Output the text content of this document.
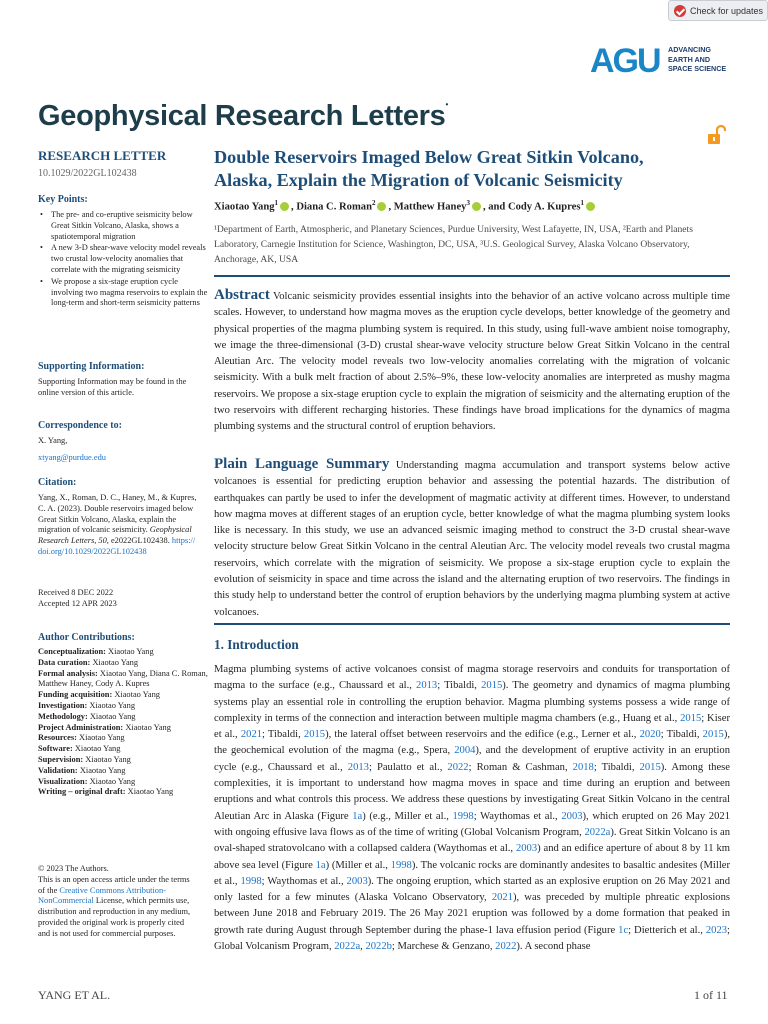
Check for updates
AGU ADVANCING
EARTH AND
SPACE SCIENCE
Geophysical Research Letters•
RESEARCH LETTER
10.1029/2022GL102438
Key Points:
• The pre- and co-eruptive seismicity below Great Sitkin Volcano, Alaska, shows a spatiotemporal migration
• A new 3-D shear-wave velocity model reveals two crustal low-velocity anomalies that correlate with the migrating seismicity
• We propose a six-stage eruption cycle involving two magma reservoirs to explain the long-term and short-term seismicity patterns
Supporting Information:
Supporting Information may be found in the online version of this article.
Correspondence to:
X. Yang,
xtyang@purdue.edu
Citation:
Yang, X., Roman, D. C., Haney, M., & Kupres, C. A. (2023). Double reservoirs imaged below Great Sitkin Volcano, Alaska, explain the migration of volcanic seismicity. Geophysical Research Letters, 50, e2022GL102438. https://doi.org/10.1029/2022GL102438
Received 8 DEC 2022
Accepted 12 APR 2023
Author Contributions:
Conceptualization: Xiaotao Yang
Data curation: Xiaotao Yang
Formal analysis: Xiaotao Yang, Diana C. Roman, Matthew Haney, Cody A. Kupres
Funding acquisition: Xiaotao Yang
Investigation: Xiaotao Yang
Methodology: Xiaotao Yang
Project Administration: Xiaotao Yang
Resources: Xiaotao Yang
Software: Xiaotao Yang
Supervision: Xiaotao Yang
Validation: Xiaotao Yang
Visualization: Xiaotao Yang
Writing – original draft: Xiaotao Yang
© 2023 The Authors.
This is an open access article under the terms of the Creative Commons Attribution-NonCommercial License, which permits use, distribution and reproduction in any medium, provided the original work is properly cited and is not used for commercial purposes.
Double Reservoirs Imaged Below Great Sitkin Volcano,
Alaska, Explain the Migration of Volcanic Seismicity
Xiaotao Yang$^1$ , Diana C. Roman$^2$ , Matthew Haney$^3$ , and Cody A. Kupres$^1$
¹Department of Earth, Atmospheric, and Planetary Sciences, Purdue University, West Lafayette, IN, USA, ²Earth and Planets Laboratory, Carnegie Institution for Science, Washington, DC, USA, ³U.S. Geological Survey, Alaska Volcano Observatory, Anchorage, AK, USA
Abstract Volcanic seismicity provides essential insights into the behavior of an active volcano across multiple time scales. However, to understand how magma moves as the eruption cycle develops, better knowledge of the geometry and physical properties of the magma plumbing system is required. In this study, using full-wave ambient noise tomography, we image the three-dimensional (3-D) crustal shear-wave velocity structure below Great Sitkin Volcano in the central Aleutian Arc. The velocity model reveals two low-velocity anomalies correlating with the migration of volcanic seismicity. With a bulk melt fraction of about 2.5%–9%, these low-velocity anomalies are interpreted as mushy magma reservoirs. We propose a six-stage eruption cycle to explain the migration of seismicity and the alternating eruption of the two reservoirs with different recharging histories. These findings have broad implications for the dynamics of magma plumbing systems and the structural control of eruption behaviors.
Plain Language Summary Understanding magma accumulation and transport systems below active volcanoes is essential for predicting eruption behavior and assessing the potential hazards. The distribution of earthquakes can partly be used to infer the development of magmatic activity at different times. However, to understand how magma moves at different stages of an eruption cycle, better knowledge of what the magma plumbing system looks like is necessary. In this study, we use an advanced seismic imaging method to construct the 3-D crustal shear-wave velocity structure below Great Sitkin Volcano in the central Aleutian Arc. The velocity model reveals two crustal magma reservoirs, which correlate with the migration of seismicity. We propose a six-stage eruption cycle to explain the evolution of seismicity in space and time across the island and the alternating eruption of two reservoirs. The findings in this study help to understand better the control of eruption behaviors by the underlying magma plumbing system at active volcanoes.
1. Introduction
Magma plumbing systems of active volcanoes consist of magma storage reservoirs and conduits for transportation of magma to the surface (e.g., Chaussard et al., 2013; Tibaldi, 2015). The geometry and dynamics of magma plumbing systems play an essential role in controlling the eruption behavior. Magma plumbing systems possess a wide range of complexity in terms of the connection and interaction between multiple magma chambers (e.g., Huang et al., 2015; Kiser et al., 2021; Tibaldi, 2015), the lateral offset between reservoirs and the edifice (e.g., Lerner et al., 2020; Tibaldi, 2015), the geochemical evolution of the magma (e.g., Spera, 2004), and the development of eruptive activity in an eruption cycle (e.g., Chaussard et al., 2013; Paulatto et al., 2022; Roman & Cashman, 2018; Tibaldi, 2015). Among these complexities, it is important to understand how magma moves in space and time during an eruption and between eruptions and what controls this process. We address these questions by investigating Great Sitkin Volcano in the central Aleutian Arc in Alaska (Figure 1a) (e.g., Miller et al., 1998; Waythomas et al., 2003), which erupted on 26 May 2021 with ongoing effusive lava flows as of the time of writing (Global Volcanism Program, 2022a). Great Sitkin Volcano is an oval-shaped stratovolcano with a collapsed caldera (Waythomas et al., 2003) and an edifice aperture of about 8 by 11 km above sea level (Figure 1a) (Miller et al., 1998). The volcanic rocks are dominantly andesites to basaltic andesites (Miller et al., 1998; Waythomas et al., 2003). The ongoing eruption, which started as an explosive eruption on 26 May 2021 and only lasted for a few minutes (Alaska Volcano Observatory, 2021), was preceded by multiple phreatic explosions between June 2018 and February 2019. The 26 May 2021 eruption was followed by a dome formation that peaked in growth rate during August through September during the phase-1 lava effusion period (Figure 1c; Dietterich et al., 2023; Global Volcanism Program, 2022a, 2022b; Marchese & Genzano, 2022). A second phase
YANG ET AL.	1 of 11
